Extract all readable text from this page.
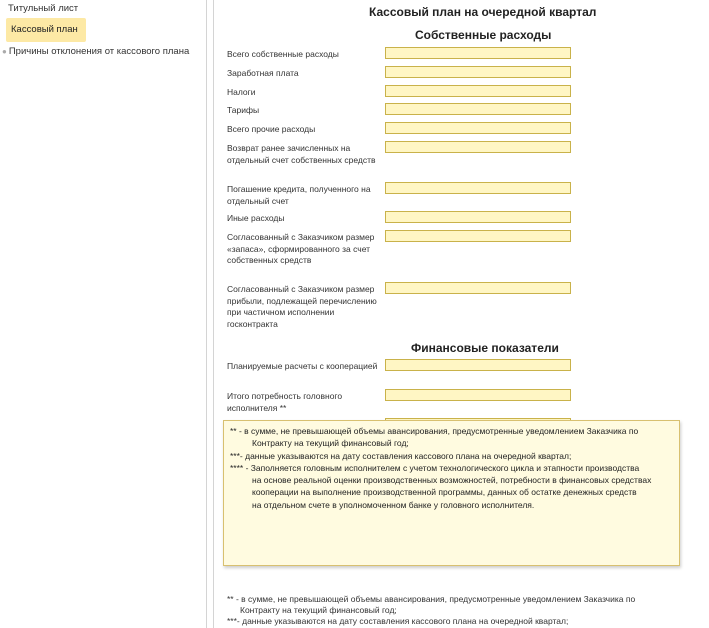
Титульный лист
Кассовый план
● Причины отклонения от кассового плана
Кассовый план на очередной квартал
Собственные расходы
Всего собственные расходы
Заработная плата
Налоги
Тарифы
Всего прочие расходы
Возврат ранее зачисленных на отдельный счет собственных средств
Погашение кредита, полученного на отдельный счет
Иные расходы
Согласованный с Заказчиком размер «запаса», сформированного за счет собственных средств
Согласованный с Заказчиком размер прибыли, подлежащей перечислению при частичном исполнении госконтракта
Финансовые показатели
Планируемые расчеты с кооперацией
Итого потребность головного исполнителя **
** - в сумме, не превышающей объемы авансирования, предусмотренные уведомлением Заказчика по
Контракту на текущий финансовый год;
***- данные указываются на дату составления кассового плана на очередной квартал;

** - в сумме, не превышающей объемы авансирования, предусмотренные уведомлением Заказчика по

Контракту на текущий финансовый год;

***- данные указываются на дату составления кассового плана на очередной квартал;

**** - Заполняется головным исполнителем с учетом технологического цикла и этапности производства

на основе реальной оценки производственных возможностей, потребности в финансовых средствах

кооперации на выполнение производственной программы, данных об остатке денежных средств

на отдельном счете в уполномоченном банке у головного исполнителя.
